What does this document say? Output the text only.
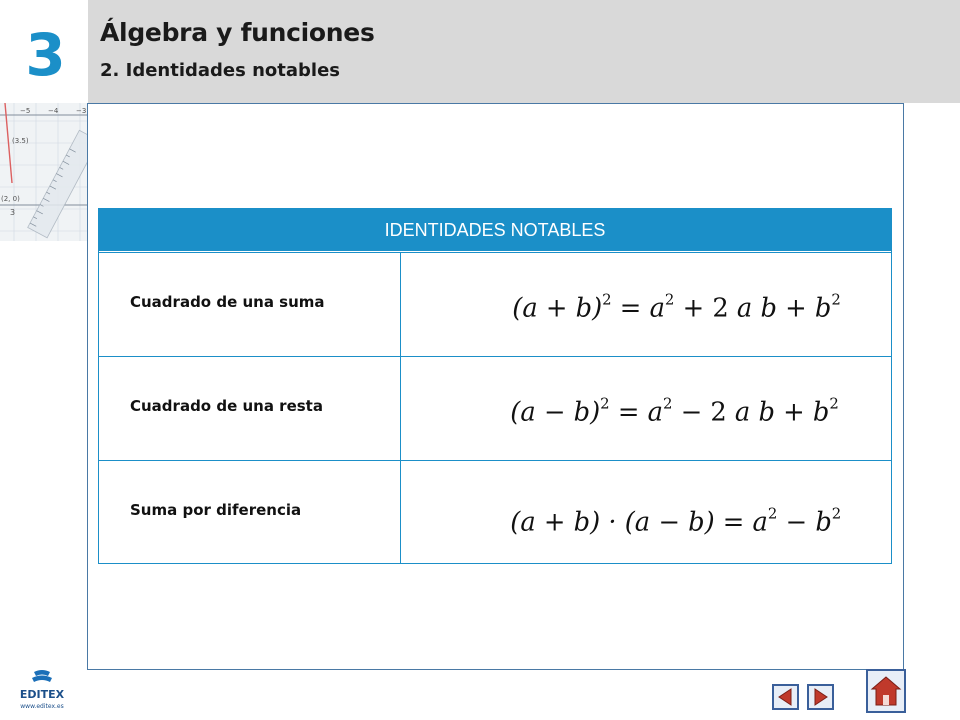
3 Álgebra y funciones
2. Identidades notables
−5	−4	−3
(3.5)
(2, 0)
3
IDENTIDADES NOTABLES
Cuadrado de una suma	$(a + b)^2 = a^2 + 2$ a $b + b^2$
Cuadrado de una resta	$(a - b)^2 = a^2 - 2$ a $b + b^2$
Suma por diferencia	$(a + b) \cdot (a - b) = a^2 - b^2$
EDITEX
www.editex.es
